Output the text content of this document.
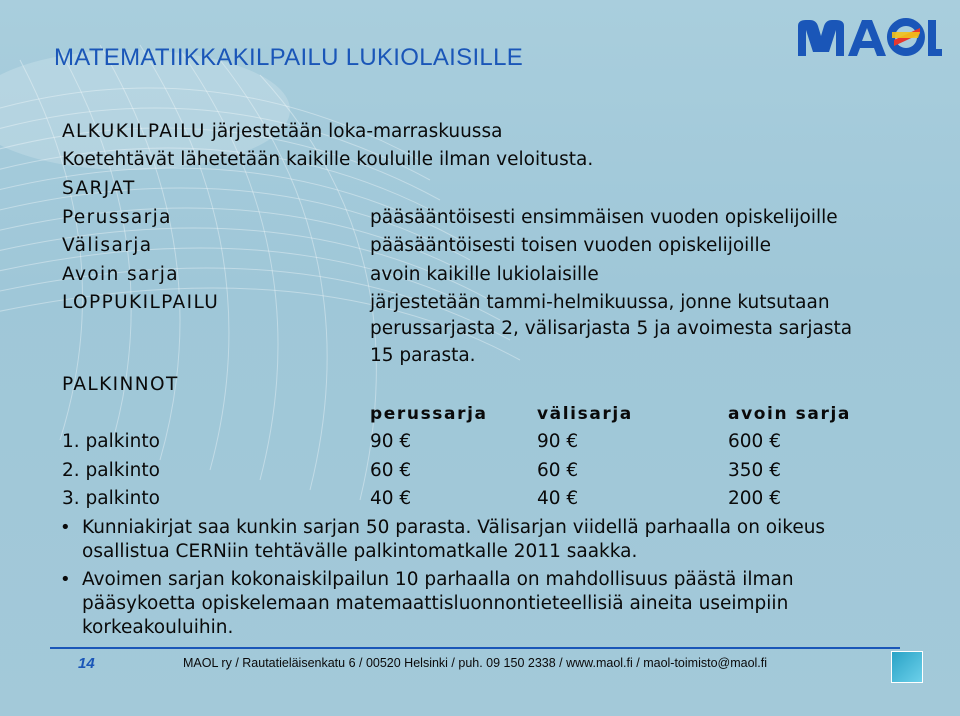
MATEMATIIKKAKILPAILU LUKIOLAISILLE
ALKUKILPAILU järjestetään loka-marraskuussa
Koetehtävät lähetetään kaikille kouluille ilman veloitusta.
SARJAT
Perussarja	pääsääntöisesti ensimmäisen vuoden opiskelijoille
Välisarja	pääsääntöisesti toisen vuoden opiskelijoille
Avoin sarja	avoin kaikille lukiolaisille
LOPPUKILPAILU	järjestetään tammi-helmikuussa, jonne kutsutaan
perussarjasta 2, välisarjasta 5 ja avoimesta sarjasta
15 parasta.
PALKINNOT
perussarja	välisarja	avoin sarja
1. palkinto	90 €	90 €	600 €
2. palkinto	60 €	60 €	350 €
3. palkinto	40 €	40 €	200 €
• Kunniakirjat saa kunkin sarjan 50 parasta. Välisarjan viidellä parhaalla on oikeus osallistua CERNiin tehtävälle palkintomatkalle 2011 saakka.
• Avoimen sarjan kokonaiskilpailun 10 parhaalla on mahdollisuus päästä ilman pääsykoetta opiskelemaan matemaattisluonnontieteellisiä aineita useimpiin korkeakouluihin.
14	MAOL ry / Rautatieläisenkatu 6 / 00520 Helsinki / puh. 09 150 2338 / www.maol.fi / maol-toimisto@maol.fi
